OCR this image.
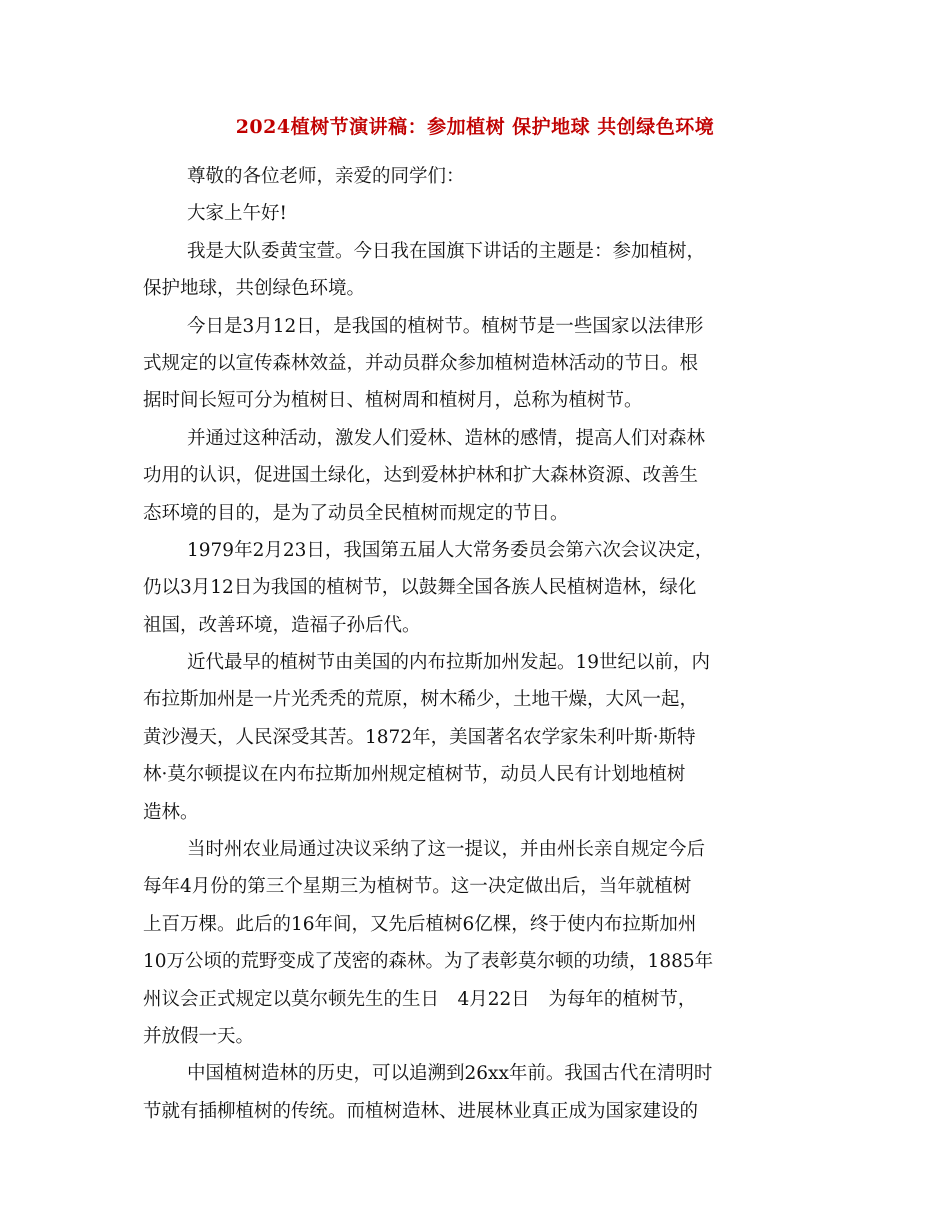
2024植树节演讲稿：参加植树 保护地球 共创绿色环境
尊敬的各位老师，亲爱的同学们：
大家上午好!
我是大队委黄宝萱。今日我在国旗下讲话的主题是：参加植树，
保护地球，共创绿色环境。
今日是3月12日，是我国的植树节。植树节是一些国家以法律形
式规定的以宣传森林效益，并动员群众参加植树造林活动的节日。根
据时间长短可分为植树日、植树周和植树月，总称为植树节。
并通过这种活动，激发人们爱林、造林的感情，提高人们对森林
功用的认识，促进国土绿化，达到爱林护林和扩大森林资源、改善生
态环境的目的，是为了动员全民植树而规定的节日。
1979年2月23日，我国第五届人大常务委员会第六次会议决定，
仍以3月12日为我国的植树节，以鼓舞全国各族人民植树造林，绿化
祖国，改善环境，造福子孙后代。
近代最早的植树节由美国的内布拉斯加州发起。19世纪以前，内
布拉斯加州是一片光秃秃的荒原，树木稀少，土地干燥，大风一起，
黄沙漫天，人民深受其苦。1872年，美国著名农学家朱利叶斯·斯特
林·莫尔顿提议在内布拉斯加州规定植树节，动员人民有计划地植树
造林。
当时州农业局通过决议采纳了这一提议，并由州长亲自规定今后
每年4月份的第三个星期三为植树节。这一决定做出后，当年就植树
上百万棵。此后的16年间，又先后植树6亿棵，终于使内布拉斯加州
10万公顷的荒野变成了茂密的森林。为了表彰莫尔顿的功绩，1885年
州议会正式规定以莫尔顿先生的生日　4月22日　为每年的植树节，
并放假一天。
中国植树造林的历史，可以追溯到26xx年前。我国古代在清明时
节就有插柳植树的传统。而植树造林、进展林业真正成为国家建设的
